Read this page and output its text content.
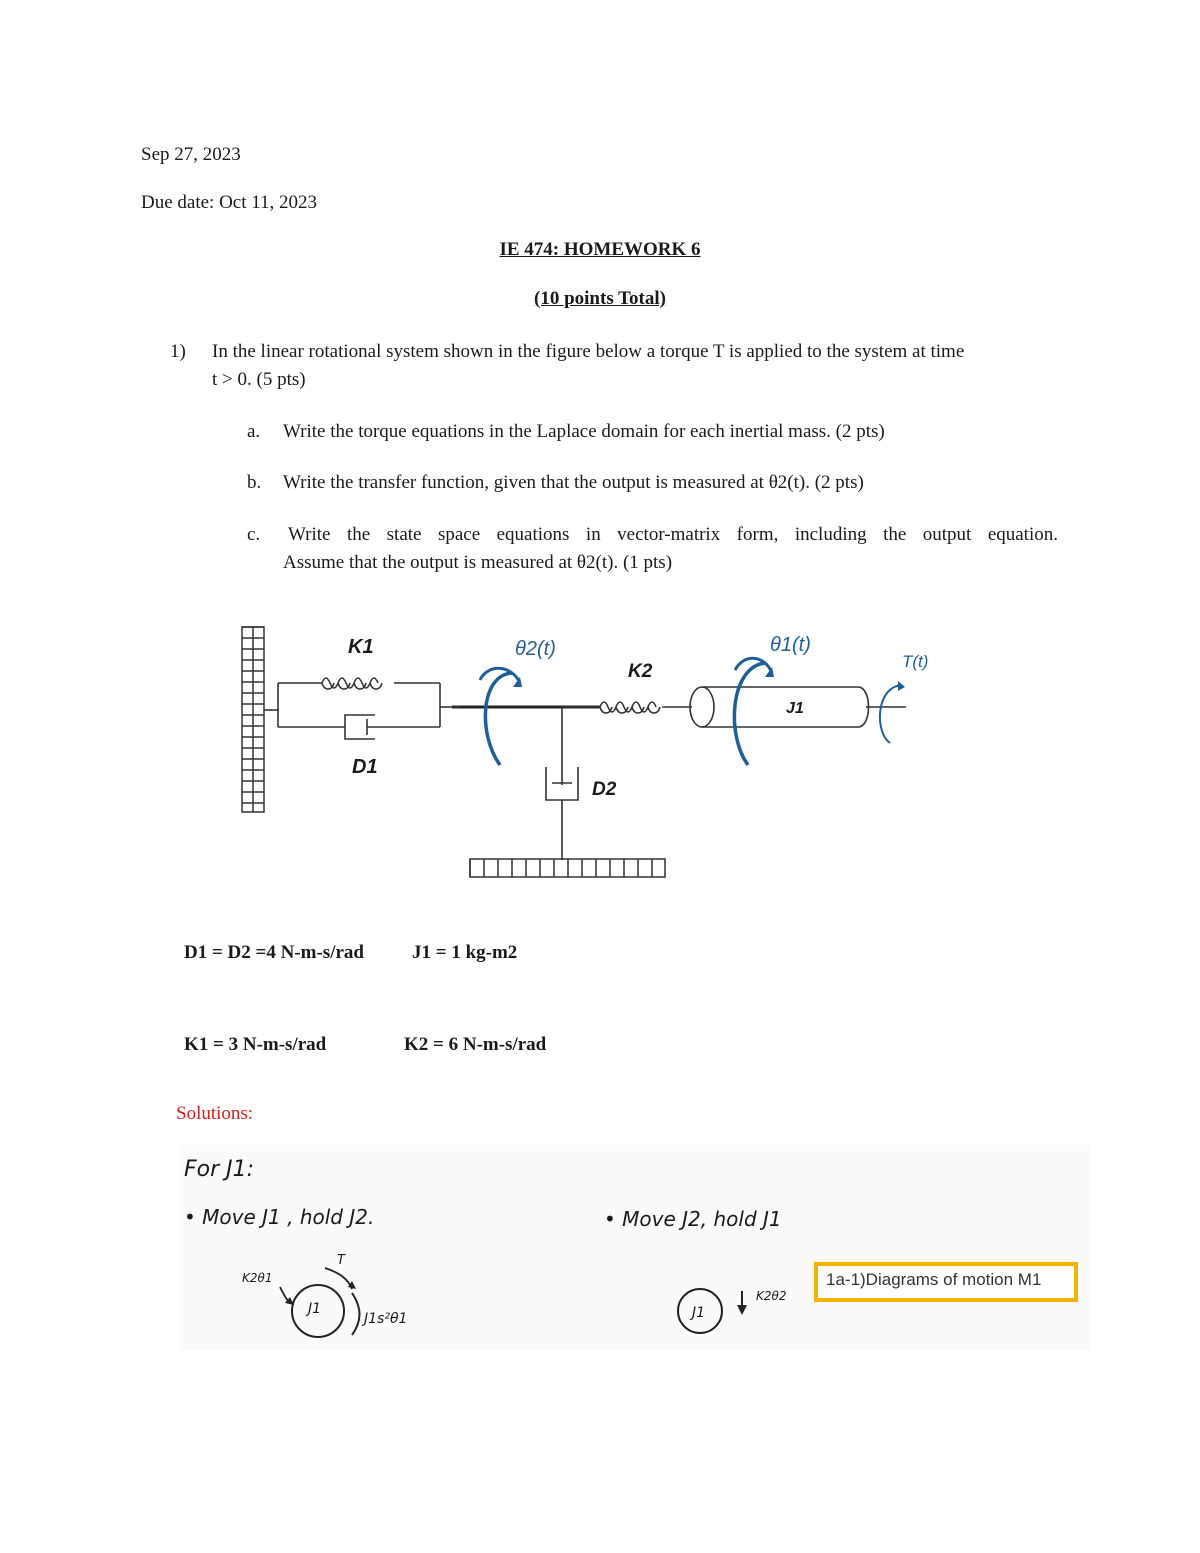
Sep 27, 2023
Due date: Oct 11, 2023
IE 474: HOMEWORK 6
(10 points Total)
1) In the linear rotational system shown in the figure below a torque T is applied to the system at time
t > 0. (5 pts)
a. Write the torque equations in the Laplace domain for each inertial mass. (2 pts)
b. Write the transfer function, given that the output is measured at θ2(t). (2 pts)
c. Write the state space equations in vector-matrix form, including the output equation.
Assume that the output is measured at θ2(t). (1 pts)
K1
D1
θ2(t)
K2
θ1(t)
J1
T(t)
D2
D1 = D2 =4 N-m-s/rad	J1 = 1 kg-m2
K1 = 3 N-m-s/rad	K2 = 6 N-m-s/rad
Solutions:
For J1:
• Move J1 , hold J2.	• Move J2, hold J1
T
K2θ1
J1
J1s²θ1	J1
K2θ2
1a-1)Diagrams of motion M1
